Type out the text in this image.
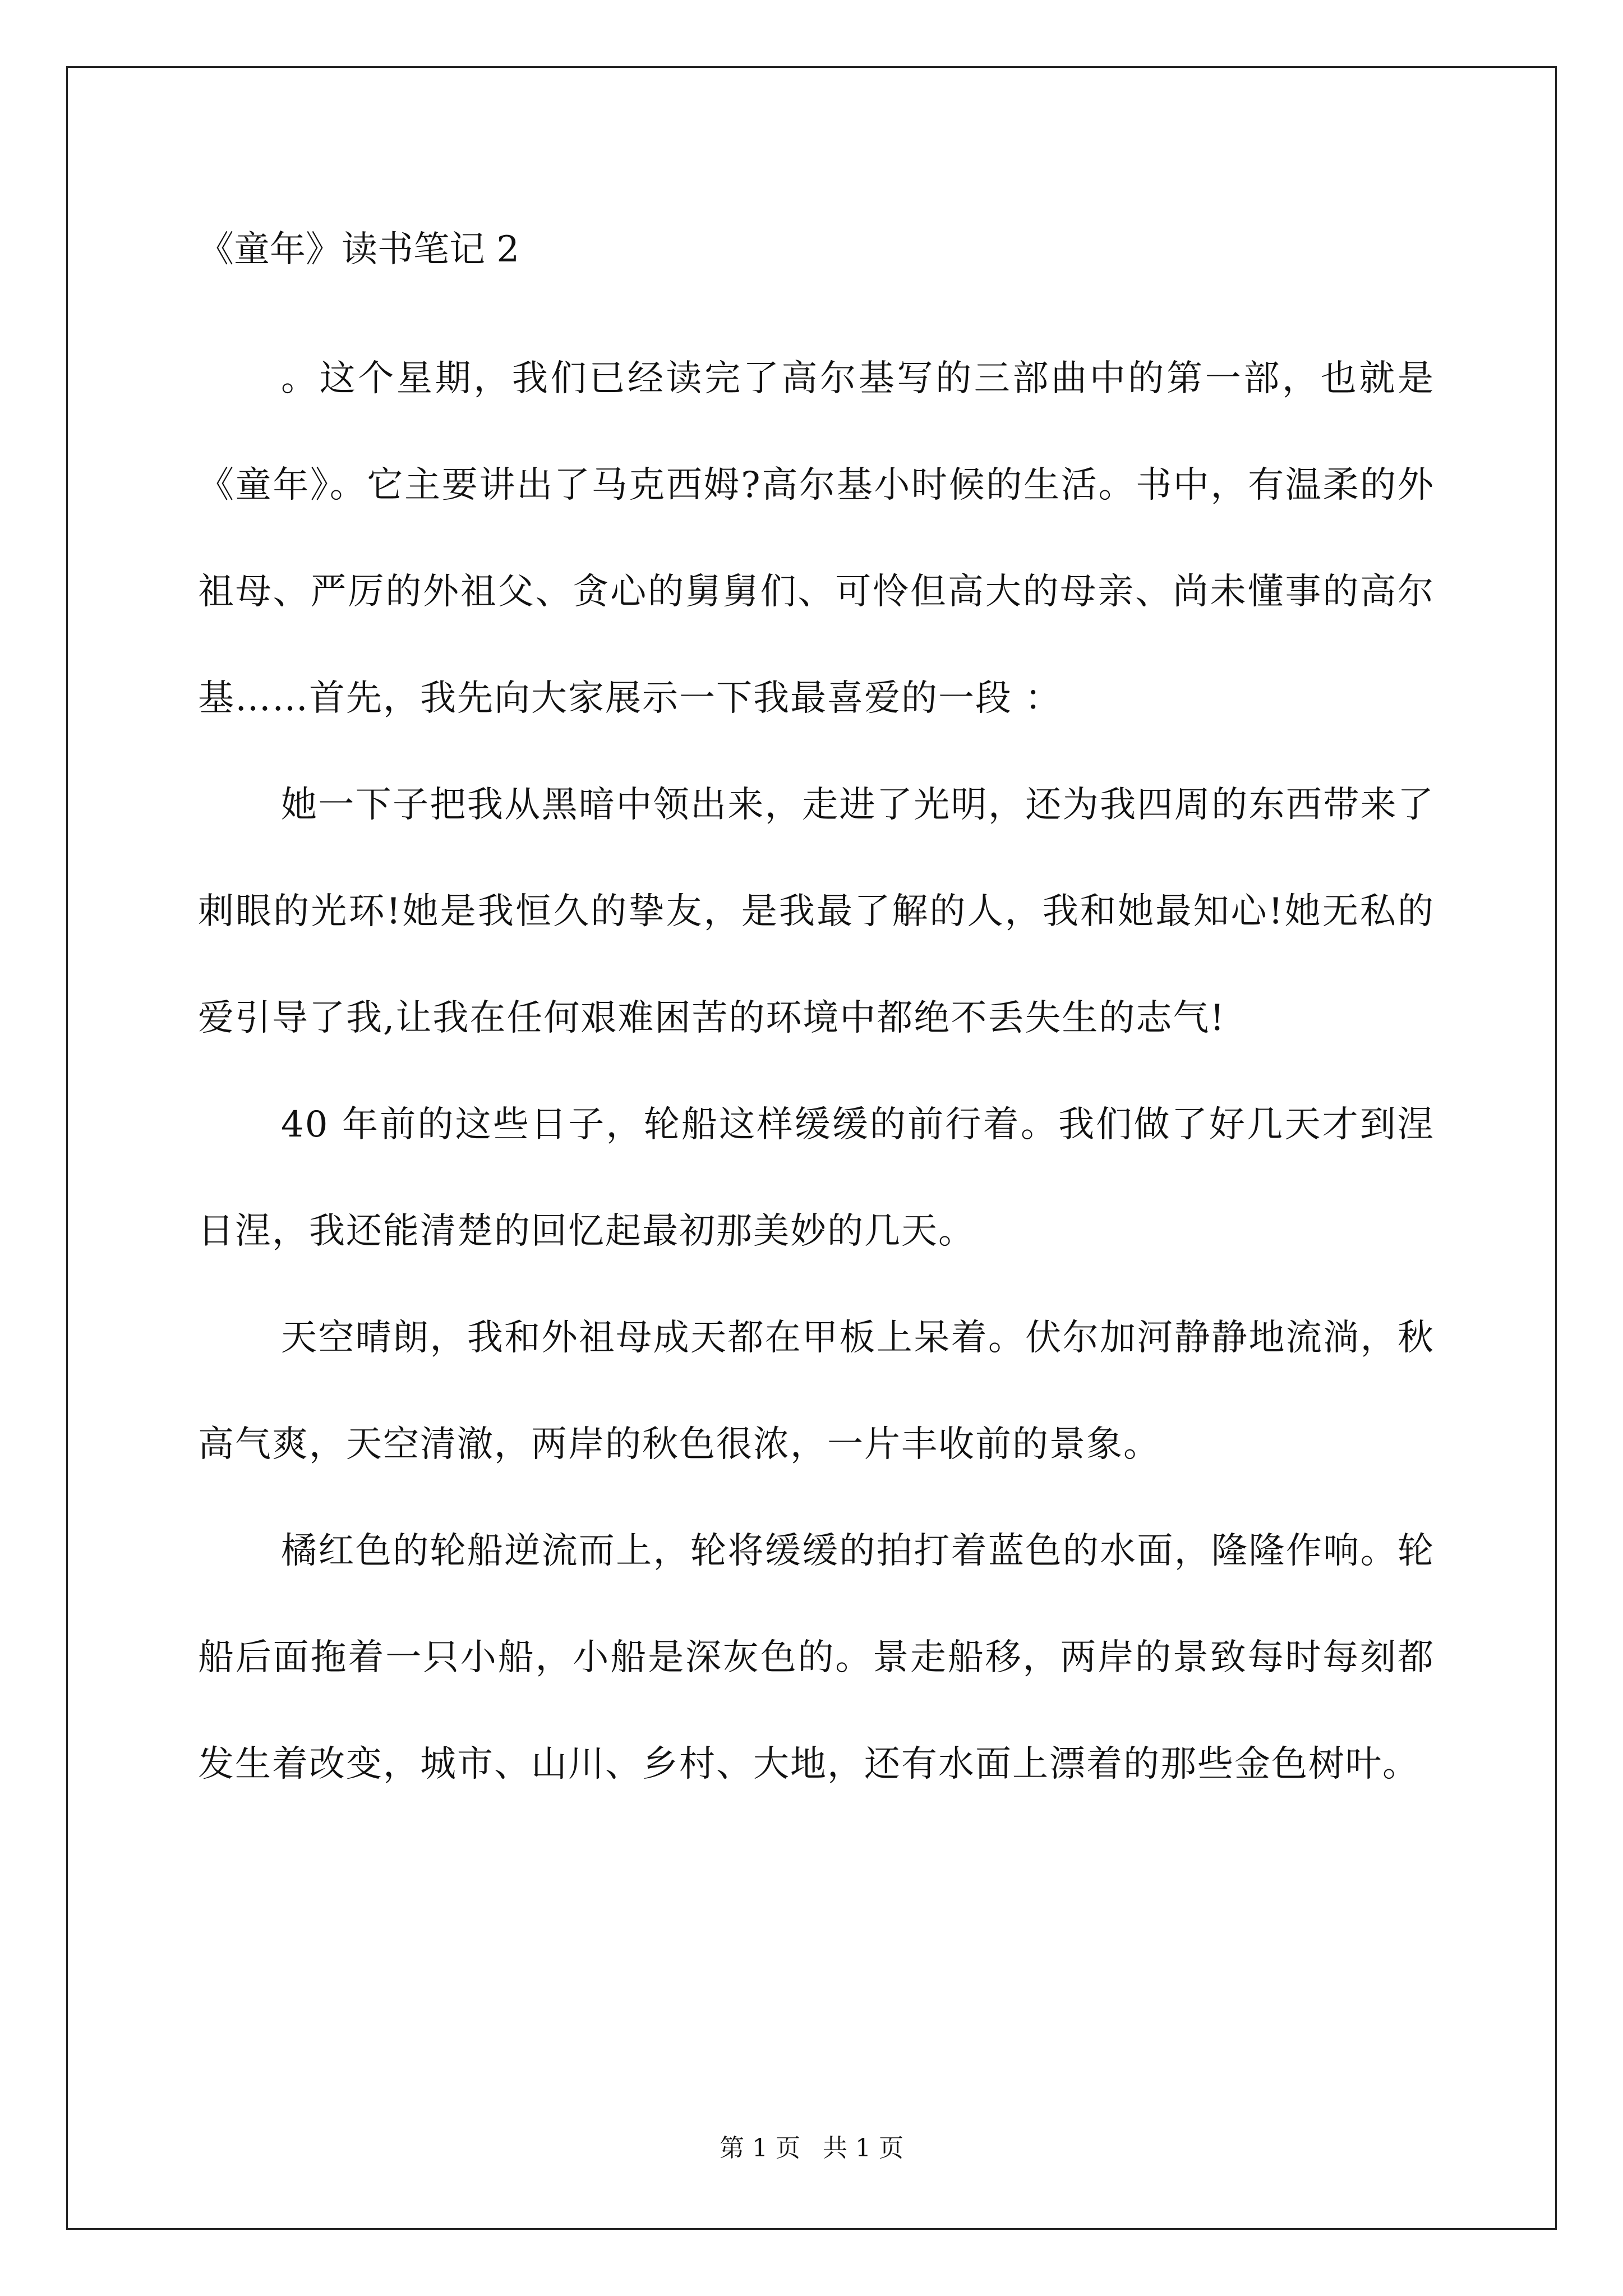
《童年》读书笔记 2

。这个星期，我们已经读完了高尔基写的三部曲中的第一部，也就是《童年》。它主要讲出了马克西姆?高尔基小时候的生活。书中，有温柔的外祖母、严厉的外祖父、贪心的舅舅们、可怜但高大的母亲、尚未懂事的高尔基……首先，我先向大家展示一下我最喜爱的一段 ：

她一下子把我从黑暗中领出来，走进了光明，还为我四周的东西带来了刺眼的光环!她是我恒久的挚友，是我最了解的人，我和她最知心!她无私的爱引导了我,让我在任何艰难困苦的环境中都绝不丢失生的志气!

40 年前的这些日子，轮船这样缓缓的前行着。我们做了好几天才到涅日涅，我还能清楚的回忆起最初那美妙的几天。

天空晴朗，我和外祖母成天都在甲板上呆着。伏尔加河静静地流淌，秋高气爽，天空清澈，两岸的秋色很浓，一片丰收前的景象。

橘红色的轮船逆流而上，轮将缓缓的拍打着蓝色的水面，隆隆作响。轮船后面拖着一只小船，小船是深灰色的。景走船移，两岸的景致每时每刻都发生着改变，城市、山川、乡村、大地，还有水面上漂着的那些金色树叶。

第 1 页 共 1 页
